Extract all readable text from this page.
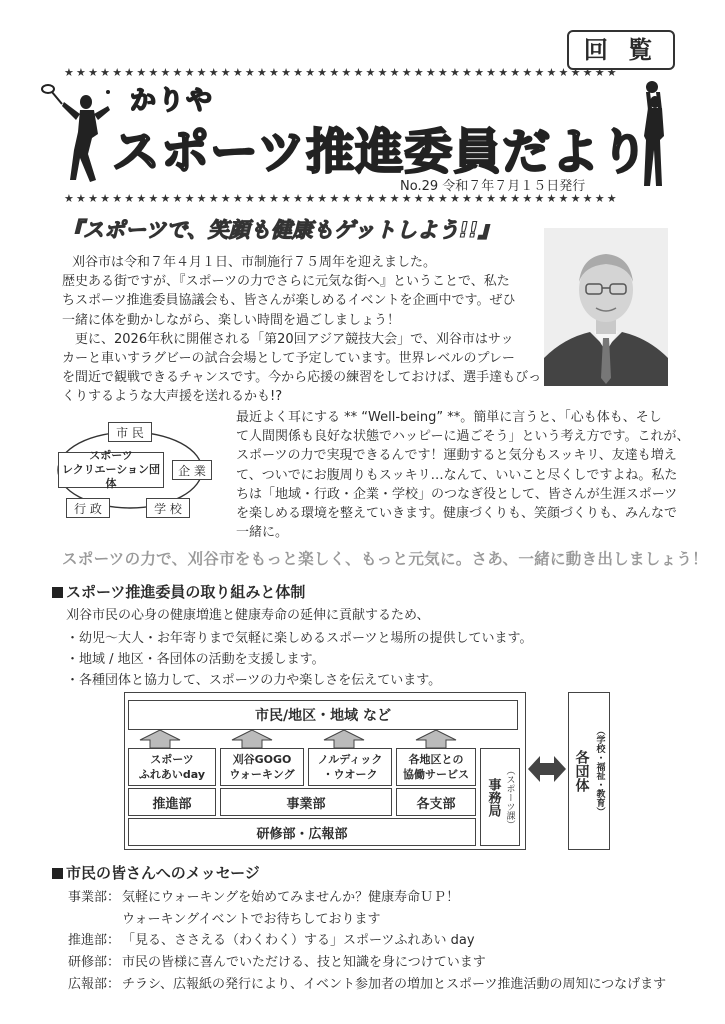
回 覧
★★★★★★★★★★★★★★★★★★★★★★★★★★★★★★★★★★★★★★★★★★★★★★
★★★★★★★★★★★★★★★★★★★★★★★★★★★★★★★★★★★★★★★★★★★★★★
かりや
スポーツ推進委員だより
No.29 令和７年７月１５日発行
『スポーツで、笑顔も健康もゲットしよう!!』
刈谷市は令和７年４月１日、市制施行７５周年を迎えました。
歴史ある街ですが、『スポーツの力でさらに元気な街へ』ということで、私た
ちスポーツ推進委員協議会も、皆さんが楽しめるイベントを企画中です。ぜひ
一緒に体を動かしながら、楽しい時間を過ごしましょう！
　更に、2026年秋に開催される「第20回アジア競技大会」で、刈谷市はサッ
カーと車いすラグビーの試合会場として予定しています。世界レベルのプレー
を間近で観戦できるチャンスです。今から応援の練習をしておけば、選手達もびっ
くりするような大声援を送れるかも!?
市 民
スポーツ
レクリエーション団体
企 業
行 政	学 校
最近よく耳にする ** “Well-being” **。簡単に言うと、「心も体も、そし
て人間関係も良好な状態でハッピーに過ごそう」という考え方です。これが、
スポーツの力で実現できるんです！運動すると気分もスッキリ、友達も増え
て、ついでにお腹周りもスッキリ…なんて、いいこと尽くしですよね。私た
ちは「地域・行政・企業・学校」のつなぎ役として、皆さんが生涯スポーツ
を楽しめる環境を整えていきます。健康づくりも、笑顔づくりも、みんなで
一緒に。
スポーツの力で、刈谷市をもっと楽しく、もっと元気に。さあ、一緒に動き出しましょう！
スポーツ推進委員の取り組みと体制
刈谷市民の心身の健康増進と健康寿命の延伸に貢献するため、
・幼児～大人・お年寄りまで気軽に楽しめるスポーツと場所の提供しています。
・地域 / 地区・各団体の活動を支援します。
・各種団体と協力して、スポーツの力や楽しさを伝えています。
市民/地区・地域 など
スポーツ
ふれあいday
刈谷GOGO
ウォーキング
ノルディック
・ウオーク
各地区との
協働サービス
推進部	事業部	各支部
研修部・広報部
事務局 （スポーツ課）	各団体 （学校・福祉・教育）
市民の皆さんへのメッセージ
事業部： 気軽にウォーキングを始めてみませんか？健康寿命ＵＰ！
ウォーキングイベントでお待ちしております
推進部： 「見る、ささえる（わくわく）する」スポーツふれあい day
研修部： 市民の皆様に喜んでいただける、技と知識を身につけています
広報部： チラシ、広報紙の発行により、イベント参加者の増加とスポーツ推進活動の周知につなげます
